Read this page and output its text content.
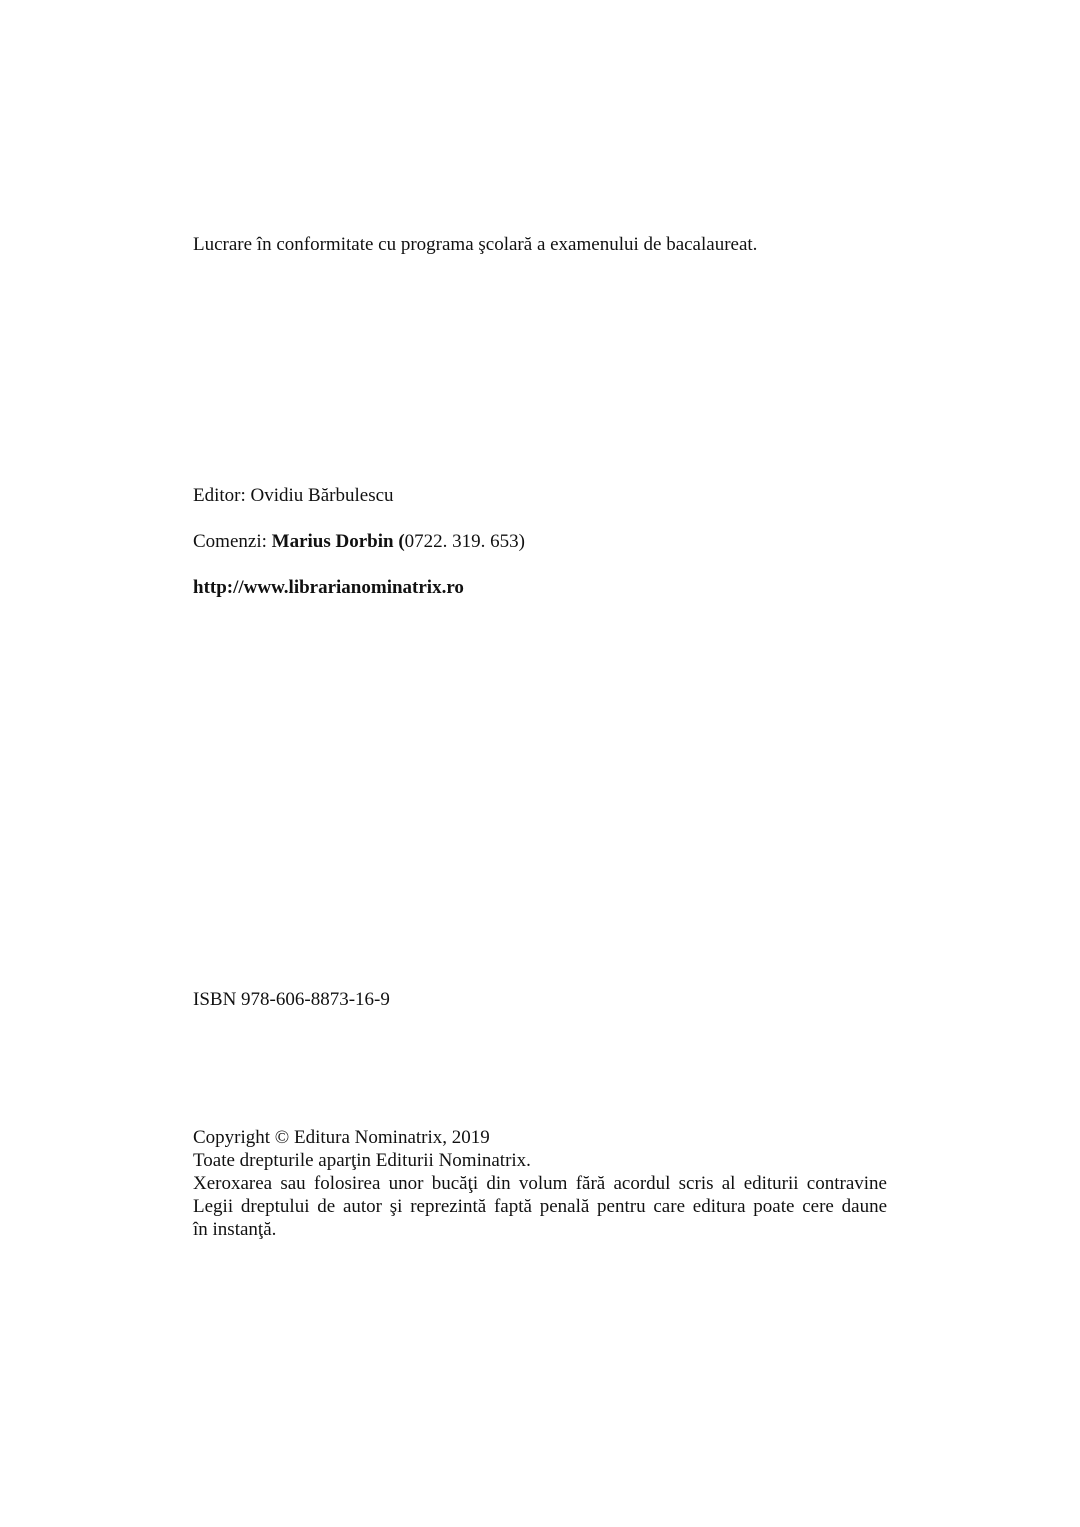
Lucrare în conformitate cu programa şcolară a examenului de bacalaureat.
Editor: Ovidiu Bărbulescu
Comenzi: Marius Dorbin (0722. 319. 653)
http://www.librarianominatrix.ro
ISBN 978-606-8873-16-9
Copyright © Editura Nominatrix, 2019
Toate drepturile aparţin Editurii Nominatrix.
Xeroxarea sau folosirea unor bucăţi din volum fără acordul scris al editurii contravine
Legii dreptului de autor şi reprezintă faptă penală pentru care editura poate cere daune
în instanţă.
